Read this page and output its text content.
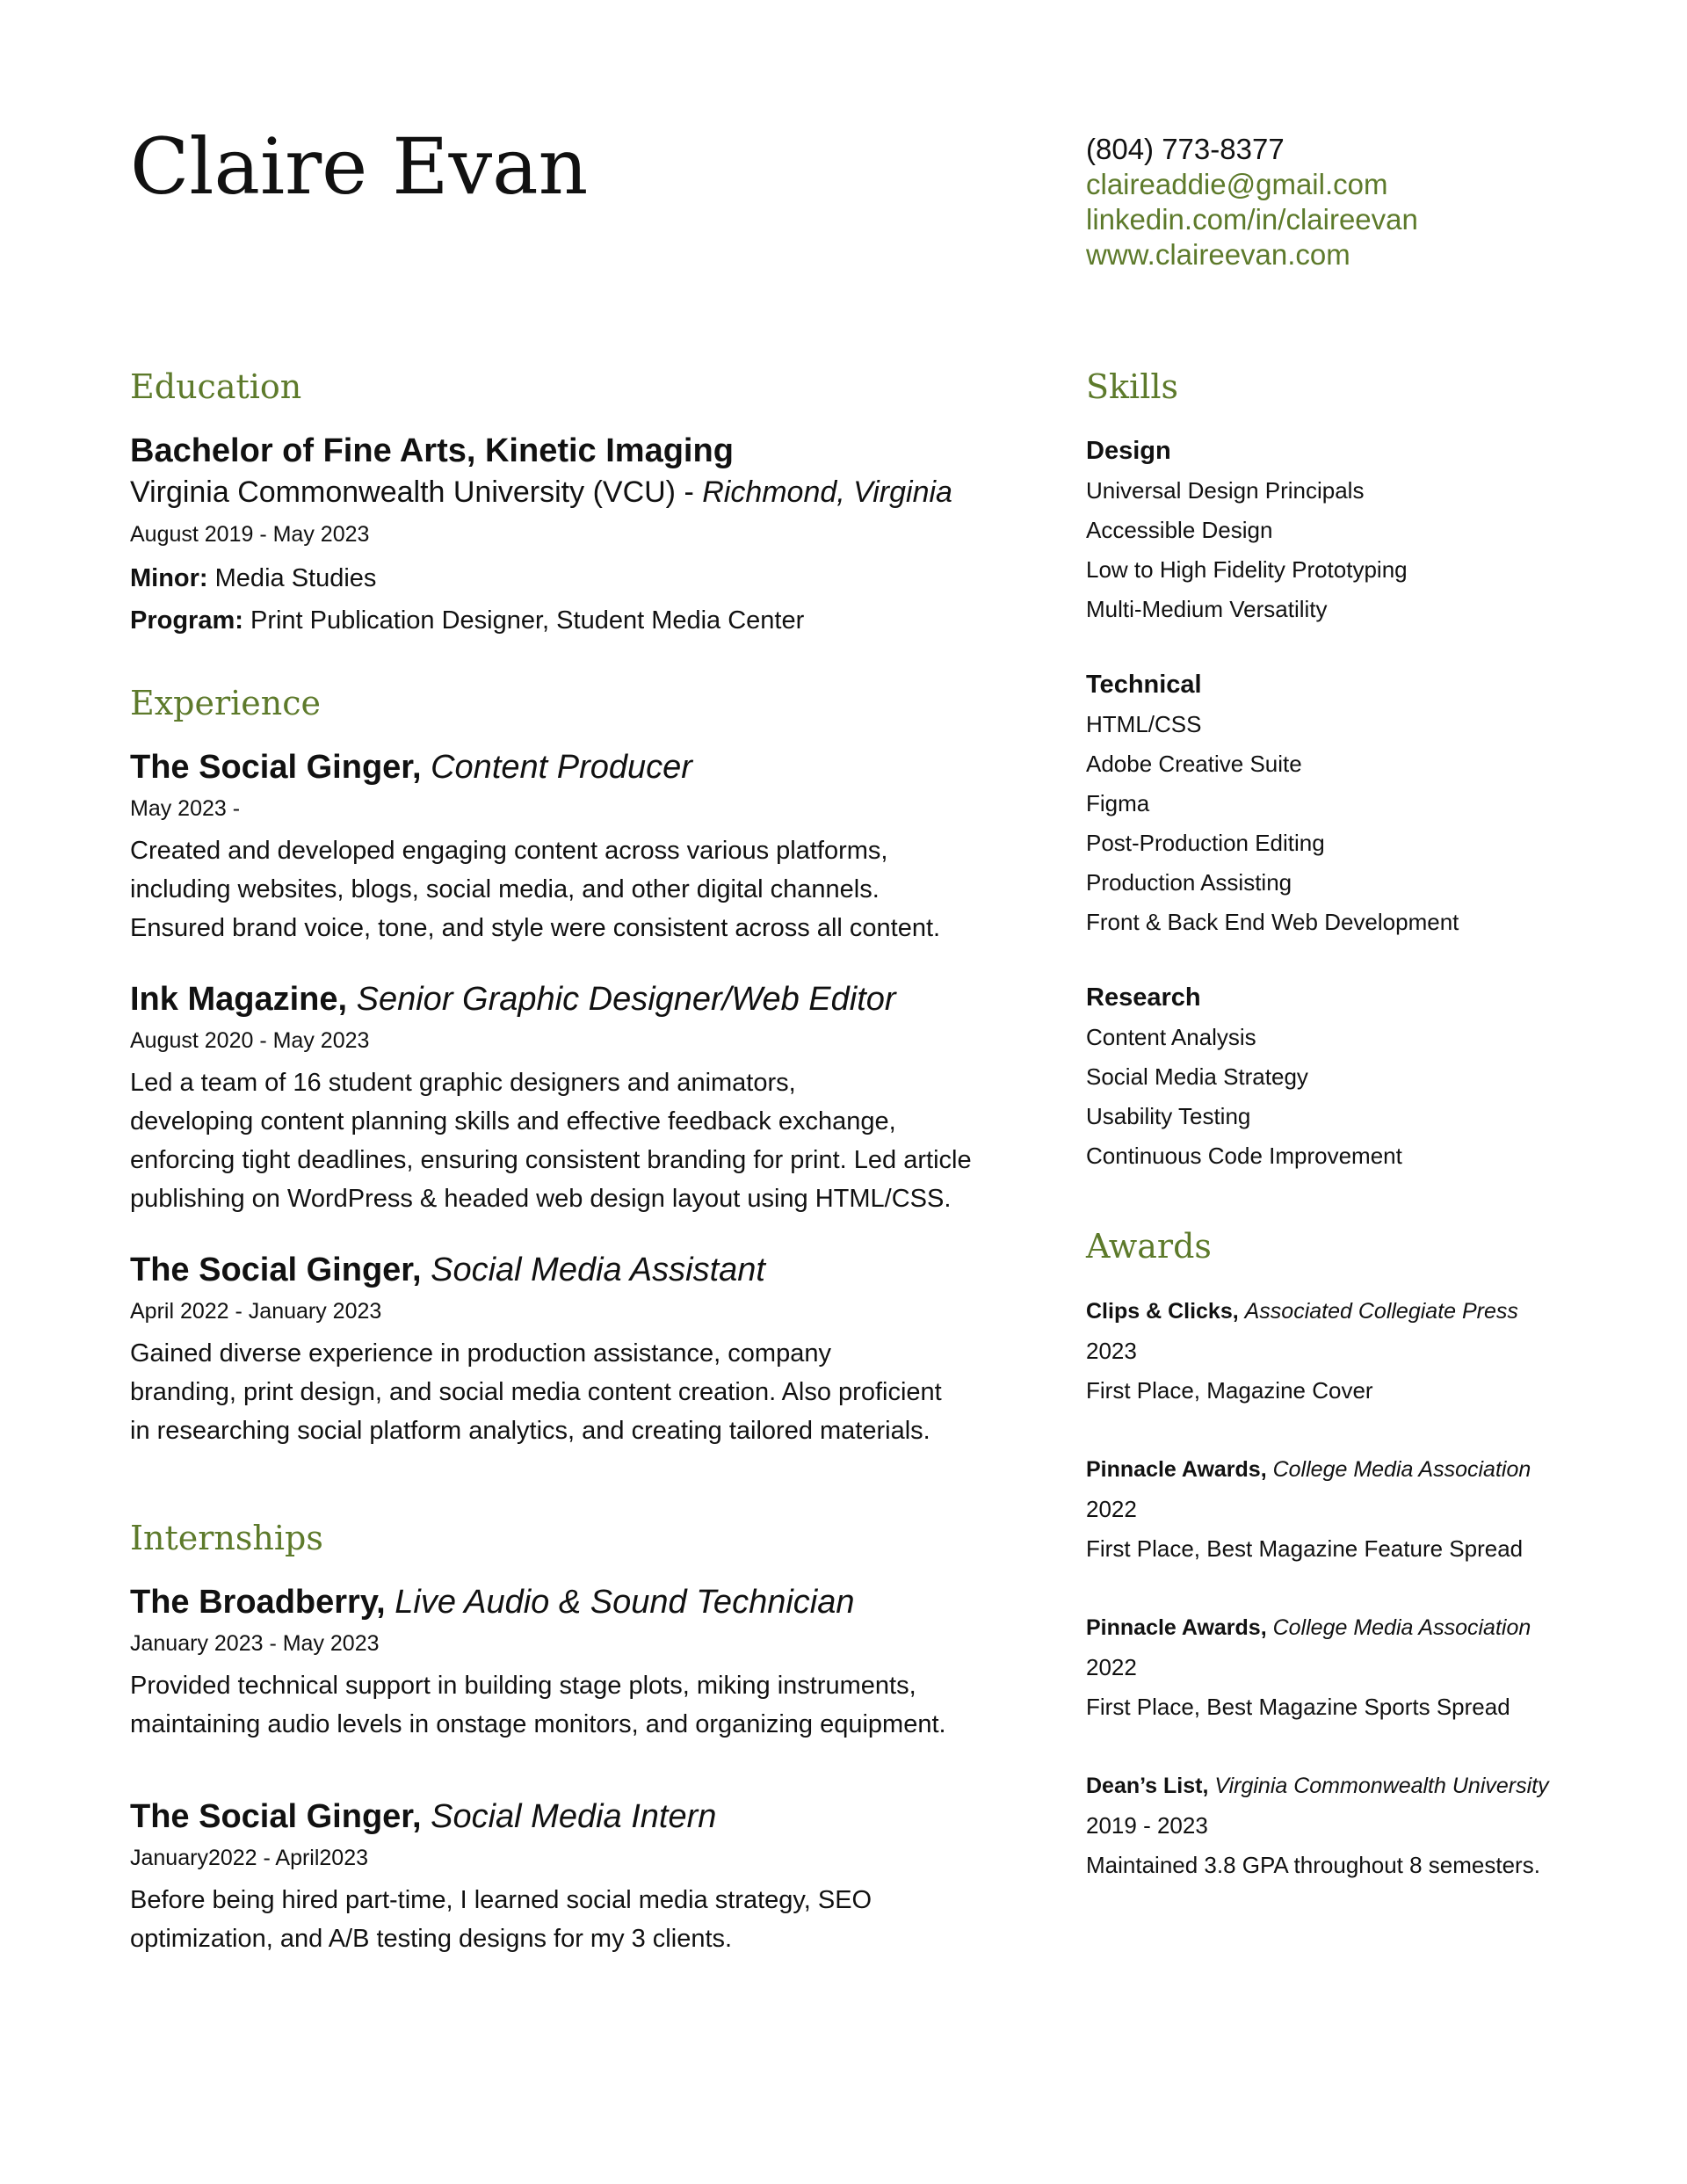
Claire Evan	(804) 773-8377
claireaddie@gmail.com
linkedin.com/in/claireevan
www.claireevan.com
Education
Bachelor of Fine Arts, Kinetic Imaging
Virginia Commonwealth University (VCU) - Richmond, Virginia
August 2019 - May 2023
Minor: Media Studies
Program: Print Publication Designer, Student Media Center
Experience
The Social Ginger, Content Producer
May 2023 -
Created and developed engaging content across various platforms,
including websites, blogs, social media, and other digital channels.
Ensured brand voice, tone, and style were consistent across all content.
Ink Magazine, Senior Graphic Designer/Web Editor
August 2020 - May 2023
Led a team of 16 student graphic designers and animators,
developing content planning skills and effective feedback exchange,
enforcing tight deadlines, ensuring consistent branding for print. Led article
publishing on WordPress & headed web design layout using HTML/CSS.
The Social Ginger, Social Media Assistant
April 2022 - January 2023
Gained diverse experience in production assistance, company
branding, print design, and social media content creation. Also proficient
in researching social platform analytics, and creating tailored materials.
Internships
The Broadberry, Live Audio & Sound Technician
January 2023 - May 2023
Provided technical support in building stage plots, miking instruments,
maintaining audio levels in onstage monitors, and organizing equipment.
The Social Ginger, Social Media Intern
January2022 - April2023
Before being hired part-time, I learned social media strategy, SEO
optimization, and A/B testing designs for my 3 clients.
Skills
Design
Universal Design Principals
Accessible Design
Low to High Fidelity Prototyping
Multi-Medium Versatility
Technical
HTML/CSS
Adobe Creative Suite
Figma
Post-Production Editing
Production Assisting
Front & Back End Web Development
Research
Content Analysis
Social Media Strategy
Usability Testing
Continuous Code Improvement
Awards
Clips & Clicks, Associated Collegiate Press
2023
First Place, Magazine Cover
Pinnacle Awards, College Media Association
2022
First Place, Best Magazine Feature Spread
Pinnacle Awards, College Media Association
2022
First Place, Best Magazine Sports Spread
Dean’s List, Virginia Commonwealth University
2019 - 2023
Maintained 3.8 GPA throughout 8 semesters.
